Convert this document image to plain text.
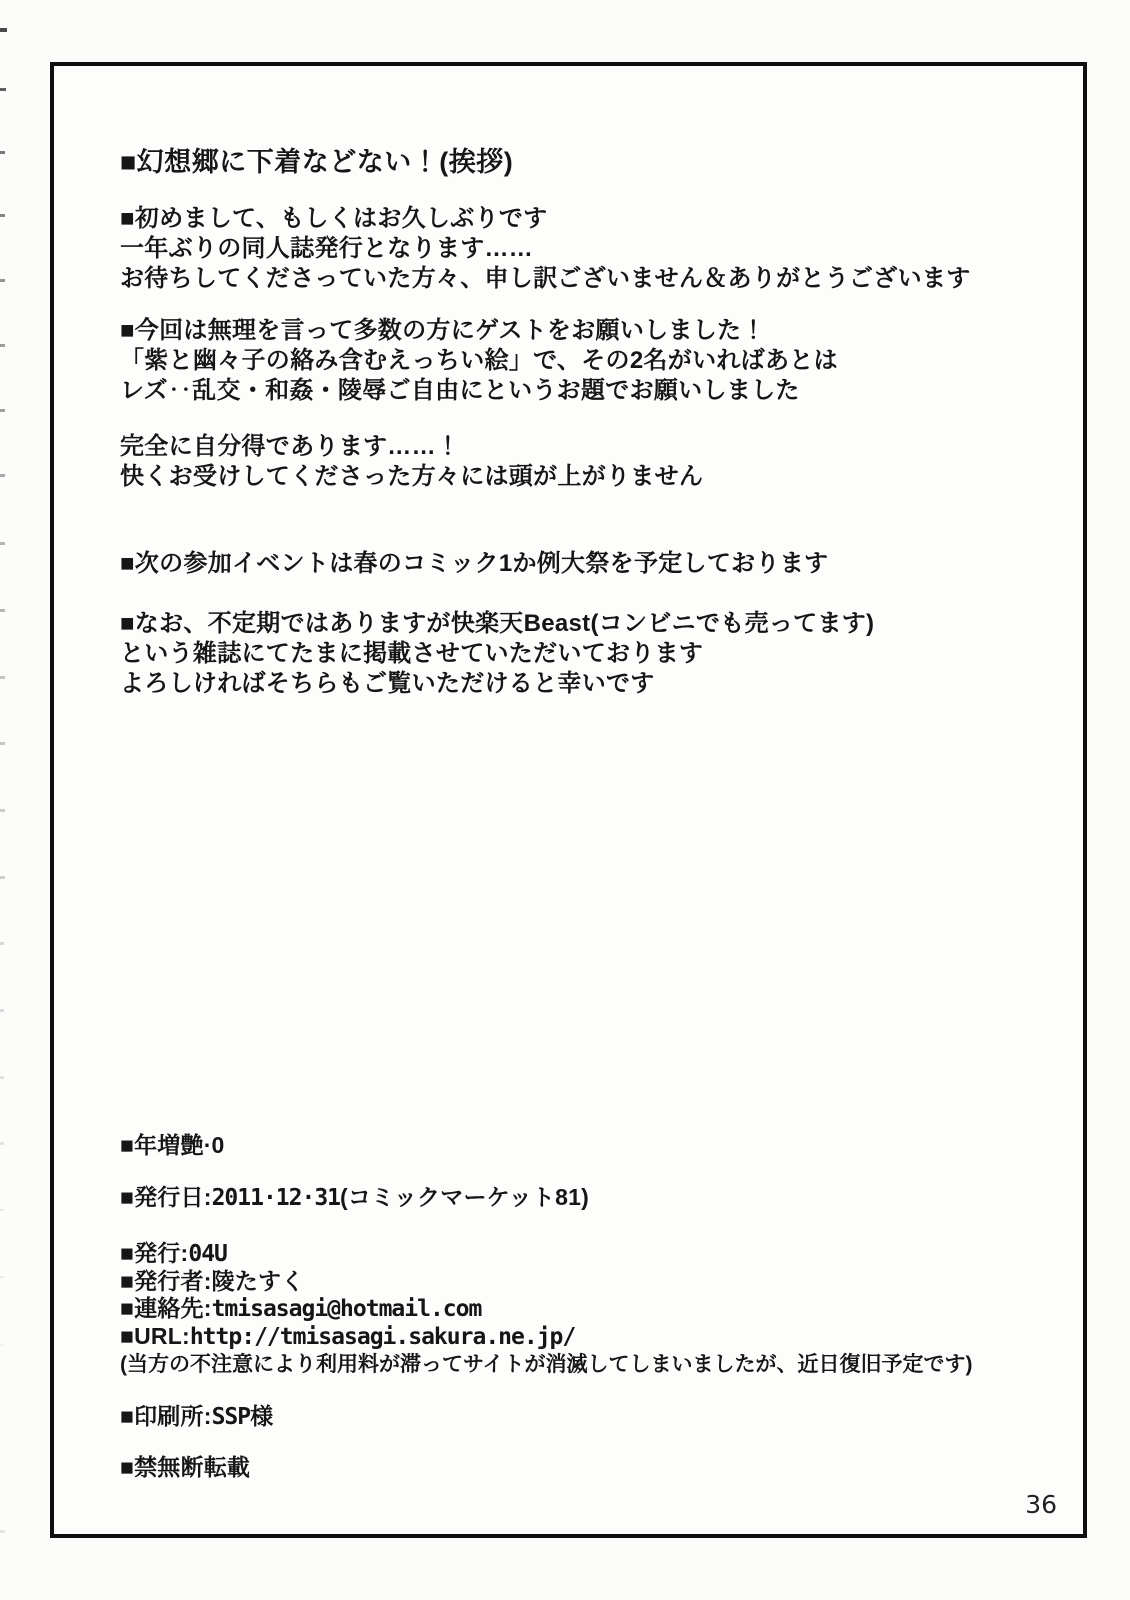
■幻想郷に下着などない！(挨拶)
■初めまして、もしくはお久しぶりです
一年ぶりの同人誌発行となります……
お待ちしてくださっていた方々、申し訳ございません＆ありがとうございます
■今回は無理を言って多数の方にゲストをお願いしました！
「紫と幽々子の絡み含むえっちい絵」で、その2名がいればあとは
レズ‥乱交・和姦・陵辱ご自由にというお題でお願いしました
完全に自分得であります……！
快くお受けしてくださった方々には頭が上がりません
■次の参加イベントは春のコミック1か例大祭を予定しております
■なお、不定期ではありますが快楽天Beast(コンビニでも売ってます)
という雑誌にてたまに掲載させていただいております
よろしければそちらもご覧いただけると幸いです
■年増艶·0
■発行日:2011·12·31(コミックマーケット81)
■発行:04U
■発行者:陵たすく
■連絡先:tmisasagi@hotmail.com
■URL:http://tmisasagi.sakura.ne.jp/
(当方の不注意により利用料が滞ってサイトが消滅してしまいましたが、近日復旧予定です)
■印刷所:SSP様
■禁無断転載
36
